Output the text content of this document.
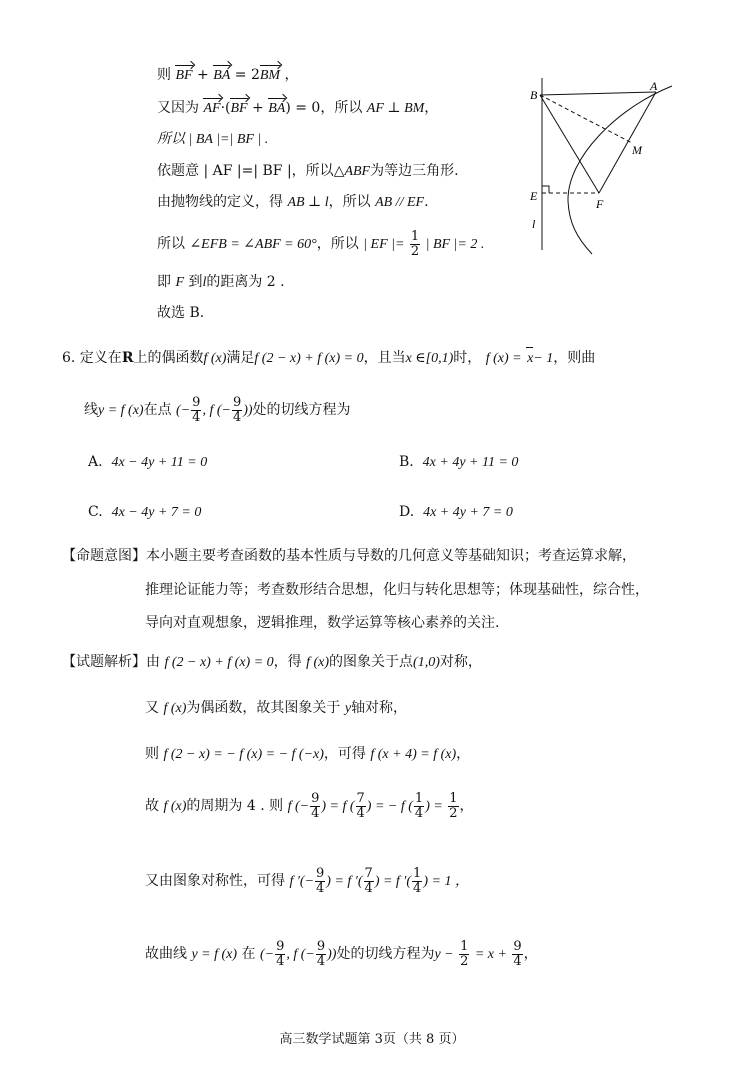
则 BF + BA = 2BM ，
又因为 AF·(BF + BA) = 0，所以 AF ⊥ BM，
所以 | BA |=| BF | .
依题意 | AF |=| BF |，所以△ABF为等边三角形.
由抛物线的定义，得 AB ⊥ l，所以 AB // EF.
所以 ∠EFB = ∠ABF = 60°，所以 | EF |= $\frac{1}{2}$ | BF |= 2 .
即 F 到l的距离为 2 .
故选 B.
B
A
M
E
F
l
6. 定义在R上的偶函数f (x)满足f (2 − x) + f (x) = 0，且当x ∈[0,1)时， f (x) = x− 1，则曲
线y = f (x)在点 (− $\frac{9}{4}$ , f (− $\frac{9}{4}$ ))处的切线方程为
A. 4x − 4y + 11 = 0	B. 4x + 4y + 11 = 0
C. 4x − 4y + 7 = 0	D. 4x + 4y + 7 = 0
【命题意图】本小题主要考查函数的基本性质与导数的几何意义等基础知识；考查运算求解，
推理论证能力等；考查数形结合思想，化归与转化思想等；体现基础性，综合性，
导向对直观想象，逻辑推理，数学运算等核心素养的关注.
【试题解析】由 f (2 − x) + f (x) = 0，得 f (x)的图象关于点(1,0)对称，
又 f (x)为偶函数，故其图象关于 y轴对称，
则 f (2 − x) = − f (x) = − f (−x)，可得 f (x + 4) = f (x)，
故 f (x)的周期为 4 . 则 f (− $\frac{9}{4}$ ) = f ( $\frac{7}{4}$ ) = − f ( $\frac{1}{4}$ ) = $\frac{1}{2}$ ，
又由图象对称性，可得 f ′(− $\frac{9}{4}$ ) = f ′( $\frac{7}{4}$ ) = f ′( $\frac{1}{4}$ ) = 1 ，
故曲线 y = f (x) 在 (− $\frac{9}{4}$ , f (− $\frac{9}{4}$ ))处的切线方程为$y - \frac{1}{2} = x + \frac{9}{4}$ ，
高三数学试题第 3页（共 8 页）
